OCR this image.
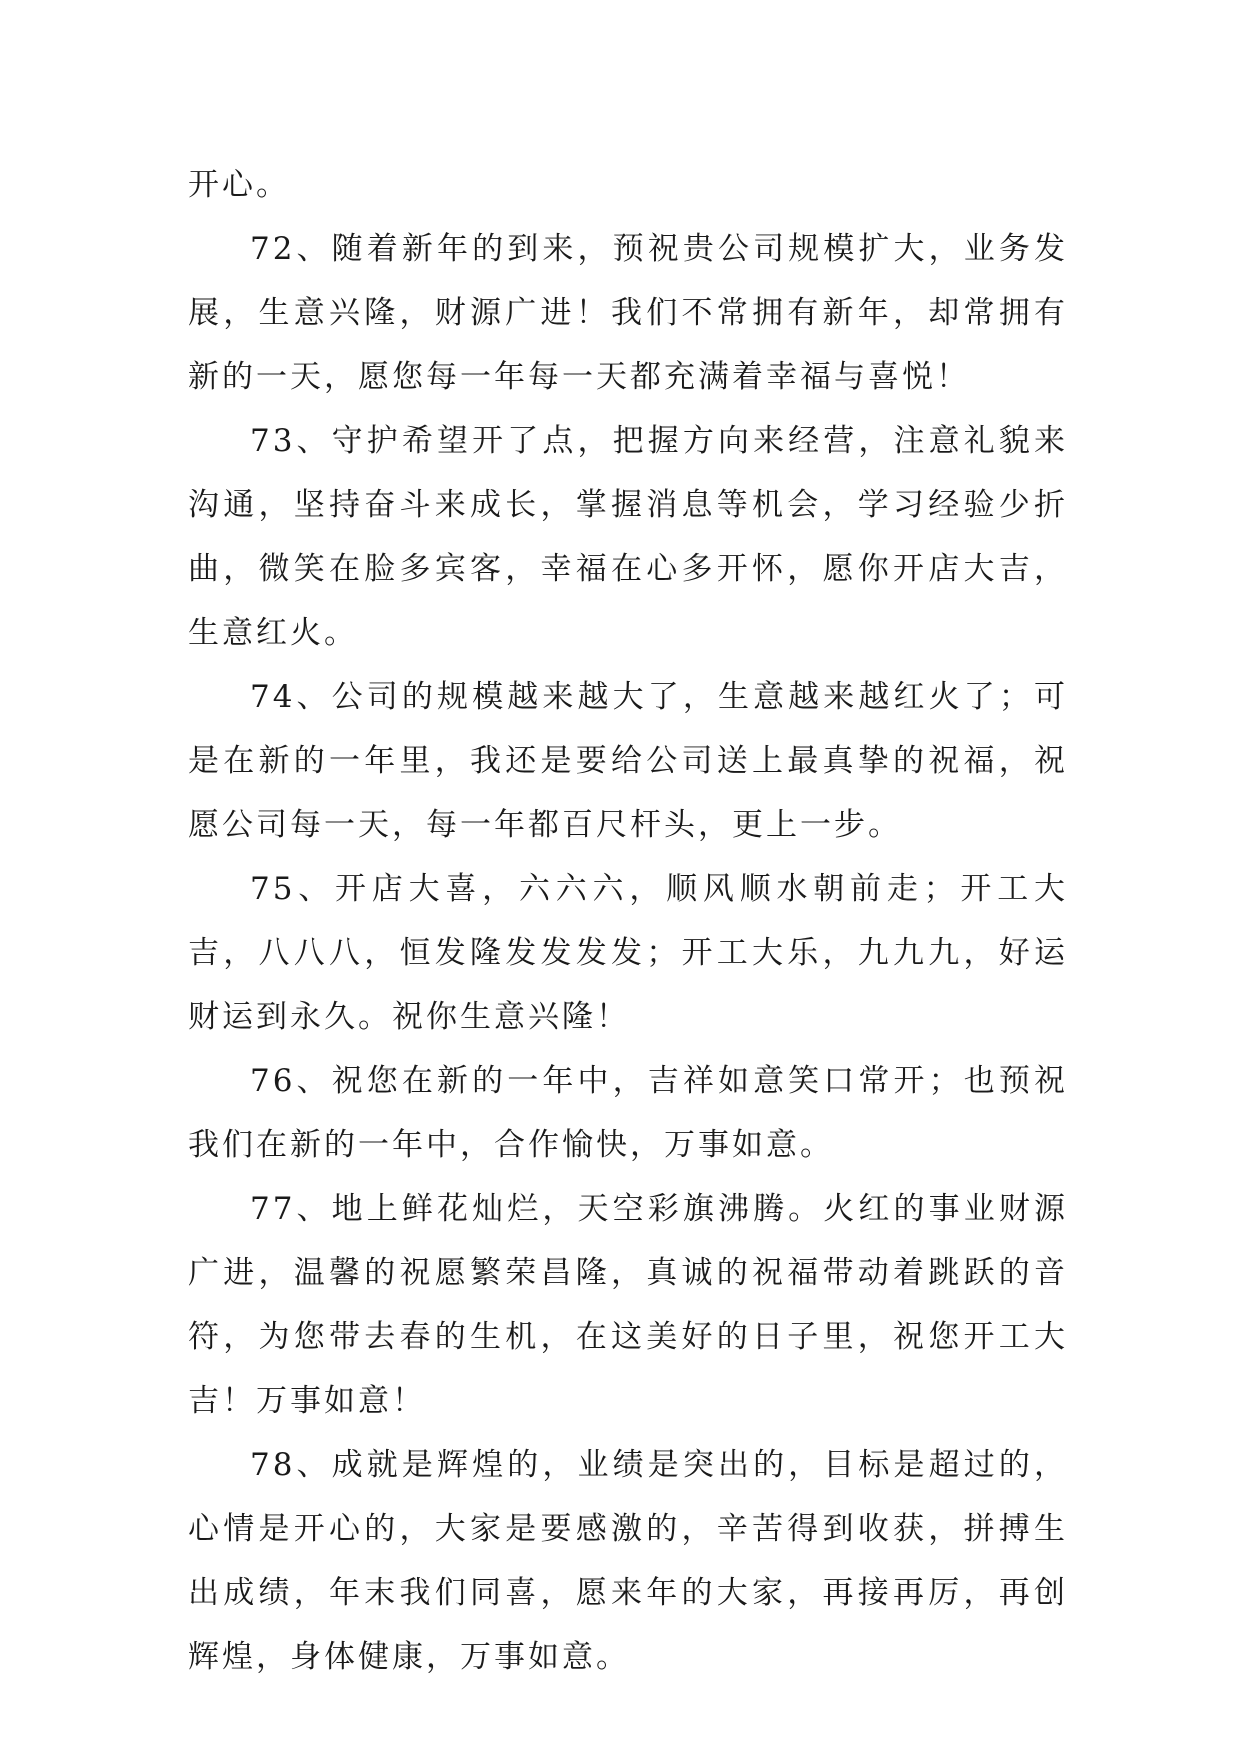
开心。

72、随着新年的到来，预祝贵公司规模扩大，业务发展，生意兴隆，财源广进！我们不常拥有新年，却常拥有新的一天，愿您每一年每一天都充满着幸福与喜悦！

73、守护希望开了点，把握方向来经营，注意礼貌来沟通，坚持奋斗来成长，掌握消息等机会，学习经验少折曲，微笑在脸多宾客，幸福在心多开怀，愿你开店大吉，生意红火。

74、公司的规模越来越大了，生意越来越红火了；可是在新的一年里，我还是要给公司送上最真挚的祝福，祝愿公司每一天，每一年都百尺杆头，更上一步。

75、开店大喜，六六六，顺风顺水朝前走；开工大吉，八八八，恒发隆发发发发；开工大乐，九九九，好运财运到永久。祝你生意兴隆！

76、祝您在新的一年中，吉祥如意笑口常开；也预祝我们在新的一年中，合作愉快，万事如意。

77、地上鲜花灿烂，天空彩旗沸腾。火红的事业财源广进，温馨的祝愿繁荣昌隆，真诚的祝福带动着跳跃的音符，为您带去春的生机，在这美好的日子里，祝您开工大吉！万事如意！

78、成就是辉煌的，业绩是突出的，目标是超过的，心情是开心的，大家是要感激的，辛苦得到收获，拼搏生出成绩，年末我们同喜，愿来年的大家，再接再厉，再创辉煌，身体健康，万事如意。
